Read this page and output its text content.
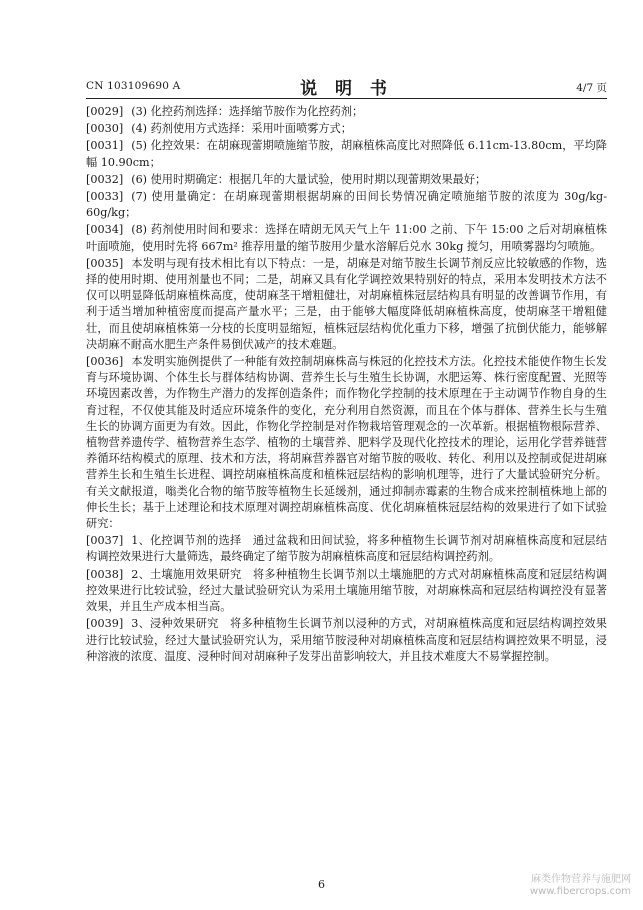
CN 103109690 A	说 明 书	4/7 页

[0029] (3) 化控药剂选择：选择缩节胺作为化控药剂；

[0030] (4) 药剂使用方式选择：采用叶面喷雾方式；

[0031] (5) 化控效果：在胡麻现蕾期喷施缩节胺，胡麻植株高度比对照降低 6.11cm-13.80cm，平均降幅 10.90cm；

[0032] (6) 使用时期确定：根据几年的大量试验，使用时期以现蕾期效果最好；

[0033] (7) 使用量确定：在胡麻现蕾期根据胡麻的田间长势情况确定喷施缩节胺的浓度为 30g/kg-60g/kg；

[0034] (8) 药剂使用时间和要求：选择在晴朗无风天气上午 11:00 之前、下午 15:00 之后对胡麻植株叶面喷施，使用时先将 667m² 推荐用量的缩节胺用少量水溶解后兑水 30kg 搅匀，用喷雾器均匀喷施。

[0035] 本发明与现有技术相比有以下特点：一是，胡麻是对缩节胺生长调节剂反应比较敏感的作物，选择的使用时期、使用剂量也不同；二是，胡麻又具有化学调控效果特别好的特点，采用本发明技术方法不仅可以明显降低胡麻植株高度，使胡麻茎干增粗健壮，对胡麻植株冠层结构具有明显的改善调节作用，有利于适当增加种植密度而提高产量水平；三是，由于能够大幅度降低胡麻植株高度，使胡麻茎干增粗健壮，而且使胡麻植株第一分枝的长度明显缩短，植株冠层结构优化重力下移，增强了抗倒伏能力，能够解决胡麻不耐高水肥生产条件易倒伏减产的技术难题。

[0036] 本发明实施例提供了一种能有效控制胡麻株高与株冠的化控技术方法。化控技术能使作物生长发育与环境协调、个体生长与群体结构协调、营养生长与生殖生长协调，水肥运筹、株行密度配置、光照等环境因素改善，为作物生产潜力的发挥创造条件；而作物化学控制的技术原理在于主动调节作物自身的生育过程，不仅使其能及时适应环境条件的变化，充分利用自然资源，而且在个体与群体、营养生长与生殖生长的协调方面更为有效。因此，作物化学控制是对作物栽培管理观念的一次革新。根据植物根际营养、植物营养遗传学、植物营养生态学、植物的土壤营养、肥料学及现代化控技术的理论，运用化学营养链营养循环结构模式的原理、技术和方法，将胡麻营养器官对缩节胺的吸收、转化、利用以及控制或促进胡麻营养生长和生殖生长进程、调控胡麻植株高度和植株冠层结构的影响机理等，进行了大量试验研究分析。有关文献报道，嗡类化合物的缩节胺等植物生长延缓剂，通过抑制赤霉素的生物合成来控制植株地上部的伸长生长；基于上述理论和技术原理对调控胡麻植株高度、优化胡麻植株冠层结构的效果进行了如下试验研究：

[0037] 1、化控调节剂的选择　通过盆栽和田间试验，将多种植物生长调节剂对胡麻植株高度和冠层结构调控效果进行大量筛选，最终确定了缩节胺为胡麻植株高度和冠层结构调控药剂。

[0038] 2、土壤施用效果研究　将多种植物生长调节剂以土壤施肥的方式对胡麻植株高度和冠层结构调控效果进行比较试验，经过大量试验研究认为采用土壤施用缩节胺，对胡麻株高和冠层结构调控没有显著效果，并且生产成本相当高。

[0039] 3、浸种效果研究　将多种植物生长调节剂以浸种的方式，对胡麻植株高度和冠层结构调控效果进行比较试验，经过大量试验研究认为，采用缩节胺浸种对胡麻植株高度和冠层结构调控效果不明显，浸种溶液的浓度、温度、浸种时间对胡麻种子发芽出苗影响较大，并且技术难度大不易掌握控制。

6	麻类作物营养与施肥网
www.fibercrops.com
